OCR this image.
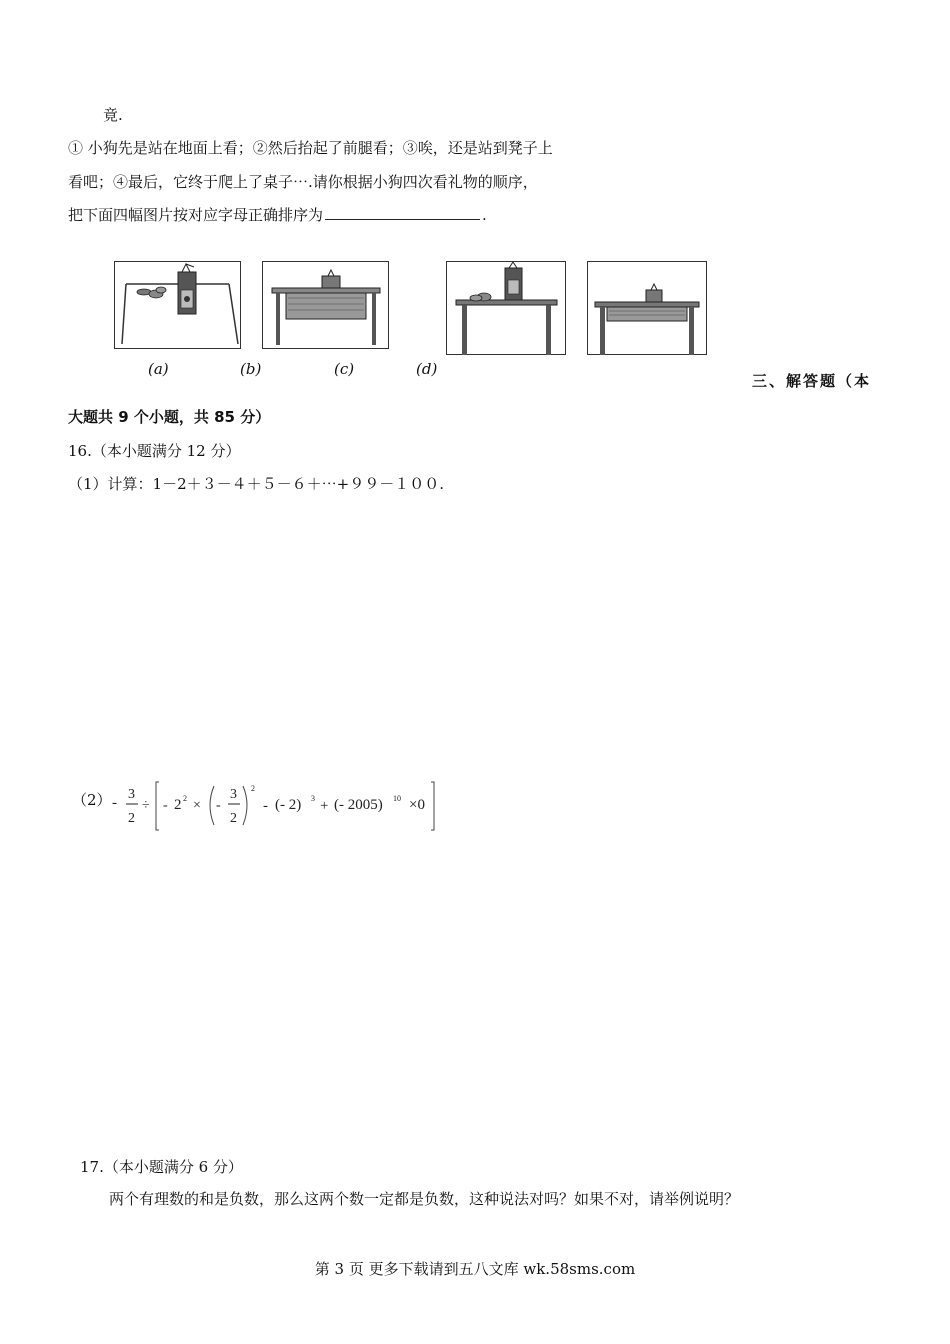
竟.
① 小狗先是站在地面上看；②然后抬起了前腿看；③唉，还是站到凳子上
看吧；④最后，它终于爬上了桌子⋯.请你根据小狗四次看礼物的顺序，
把下面四幅图片按对应字母正确排序为	.
(a)	(b)	(c)	(d)
三、解答题（本
大题共 9 个小题，共 85 分）
16.（本小题满分 12 分）
（1）计算：1－2＋３－４＋５－６＋⋯+９９－１００.
（2） -
3
2
÷ - 2 2 × -
3
2
2
- (- 2) 3 + (- 2005) 10 ×0
17.（本小题满分 6 分）
两个有理数的和是负数，那么这两个数一定都是负数，这种说法对吗？如果不对，请举例说明？
第 3 页 更多下载请到五八文库 wk.58sms.com
